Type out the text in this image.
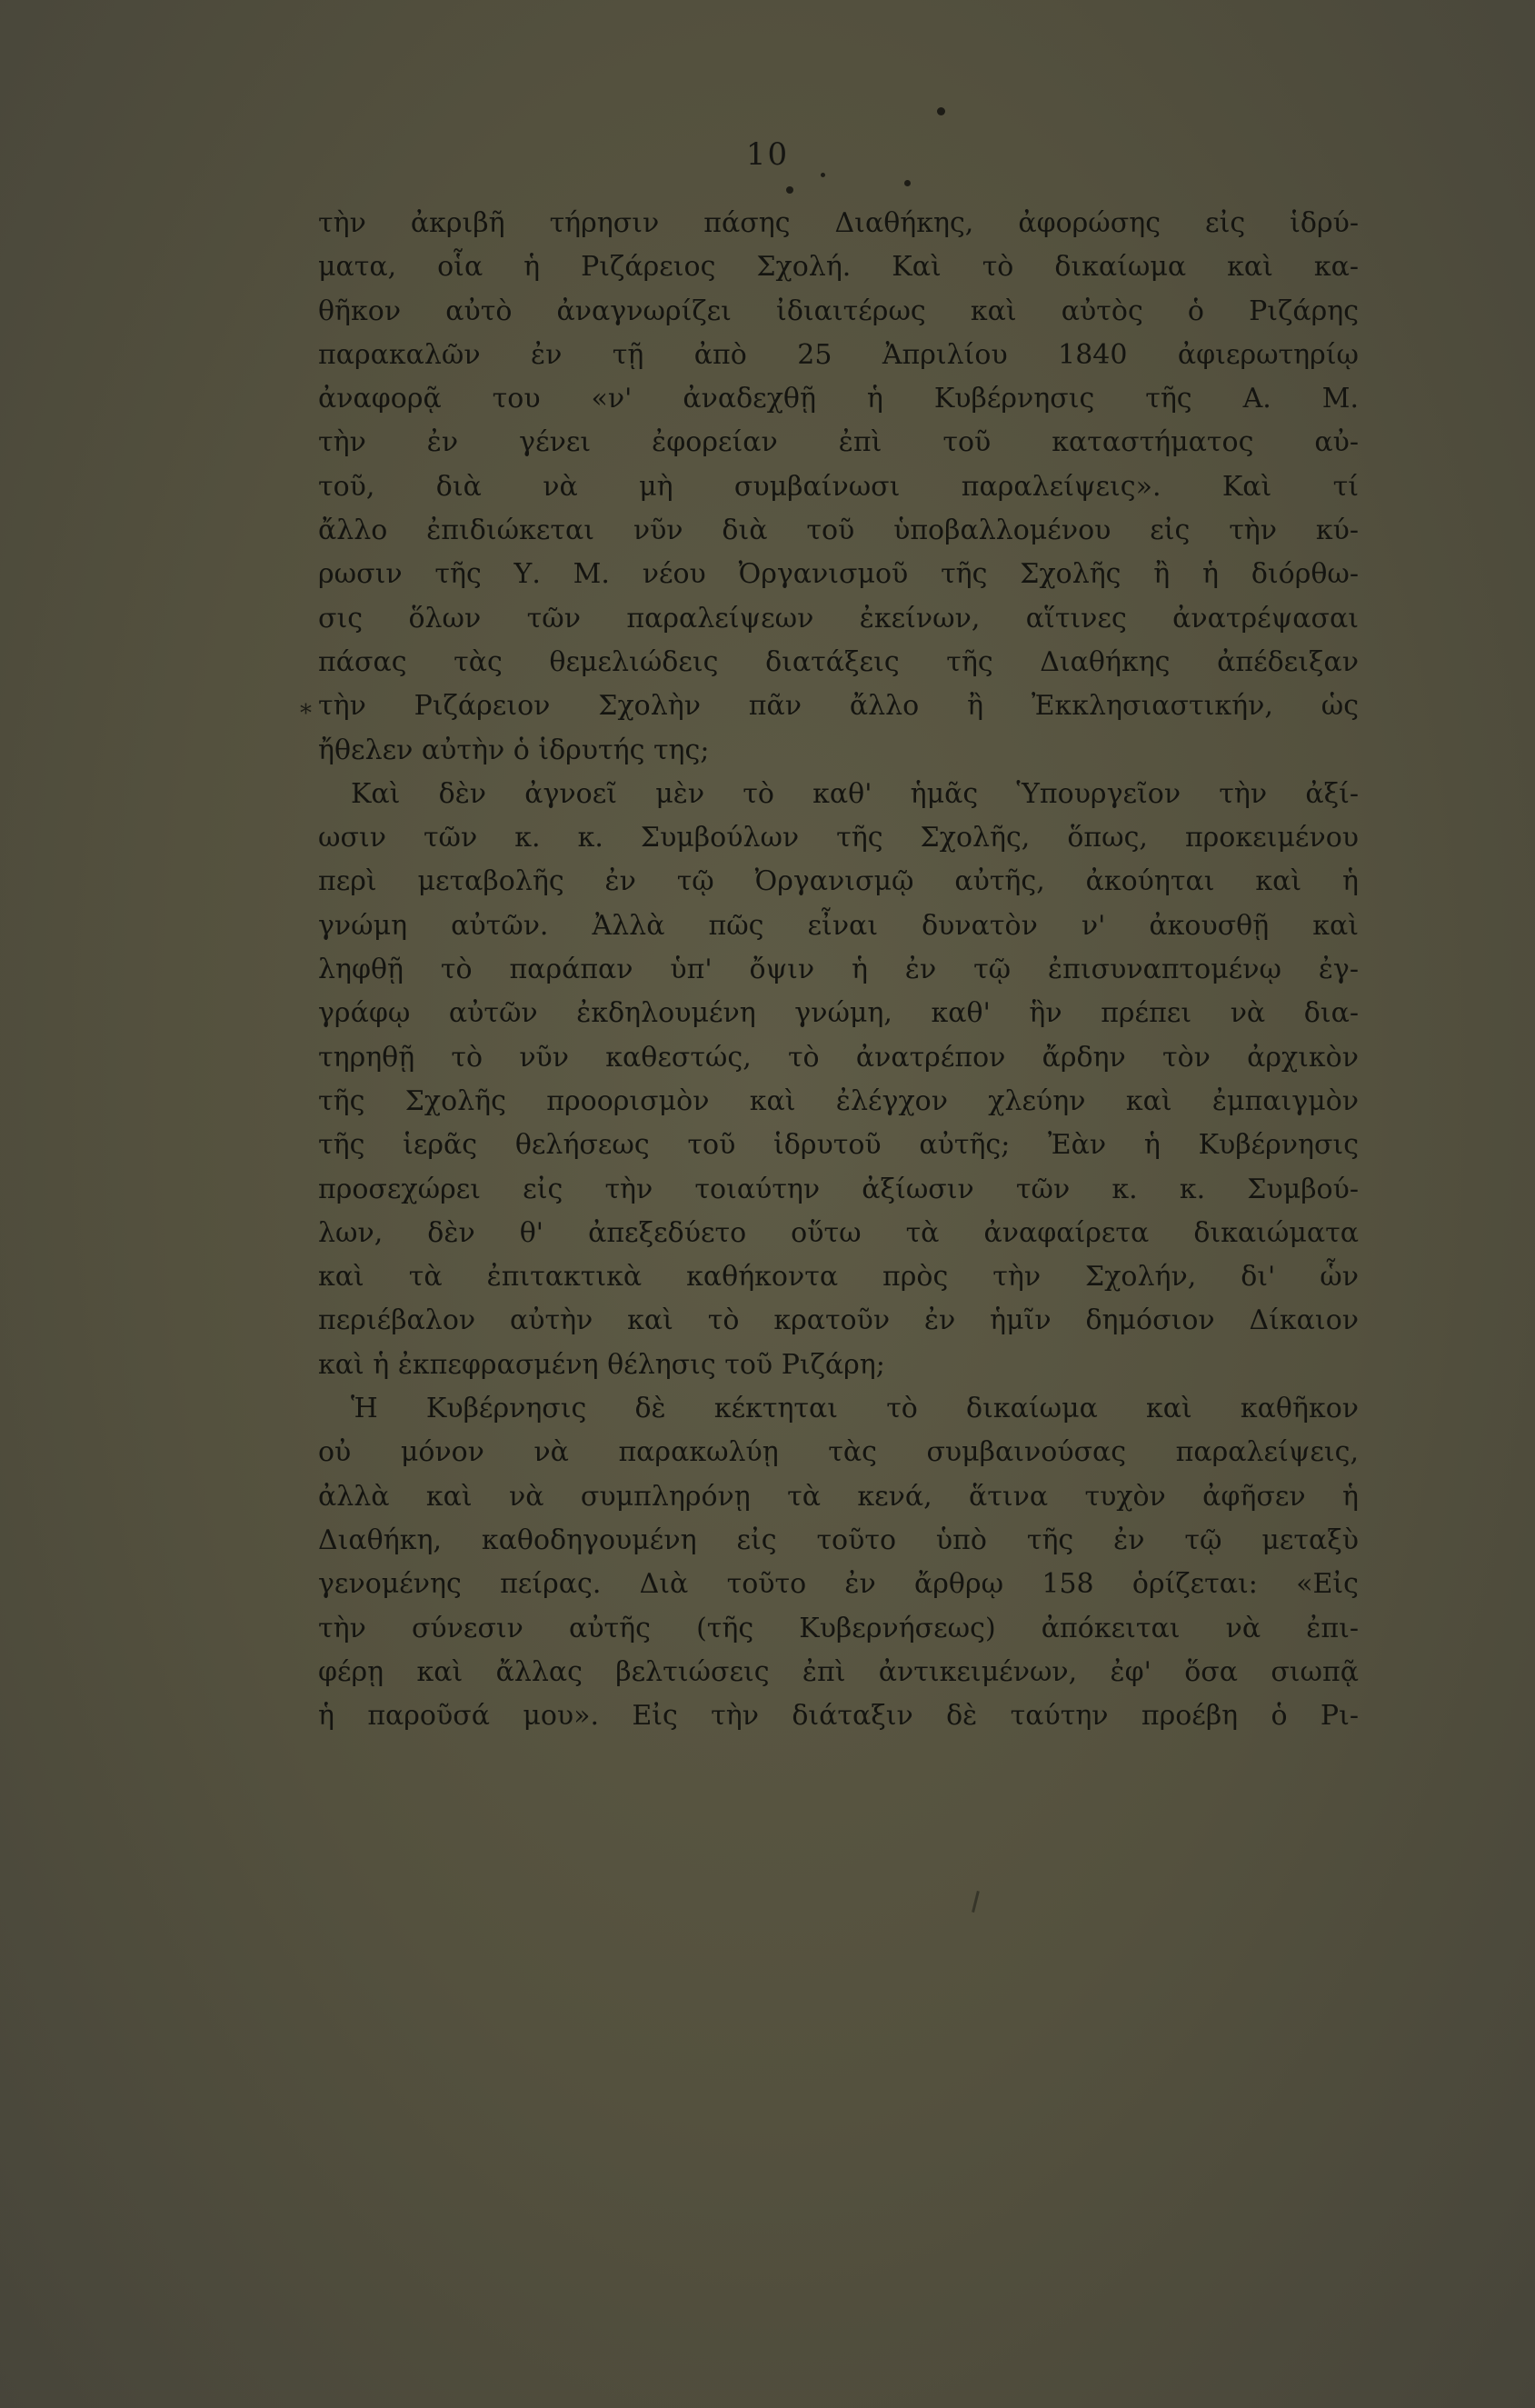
10
*
τὴν ἀκριβῆ τήρησιν πάσης Διαθήκης, ἀφορώσης εἰς ἱδρύ-
ματα, οἷα ἡ Ριζάρειος Σχολή. Καὶ τὸ δικαίωμα καὶ κα-
θῆκον αὐτὸ ἀναγνωρίζει ἰδιαιτέρως καὶ αὐτὸς ὁ Ριζάρης
παρακαλῶν ἐν τῇ ἀπὸ 25 Ἀπριλίου 1840 ἀφιερωτηρίῳ
ἀναφορᾷ του «ν' ἀναδεχθῇ ἡ Κυβέρνησις τῆς Α. Μ.
τὴν ἐν γένει ἐφορείαν ἐπὶ τοῦ καταστήματος αὐ-
τοῦ, διὰ νὰ μὴ συμβαίνωσι παραλείψεις». Καὶ τί
ἄλλο ἐπιδιώκεται νῦν διὰ τοῦ ὑποβαλλομένου εἰς τὴν κύ-
ρωσιν τῆς Υ. Μ. νέου Ὀργανισμοῦ τῆς Σχολῆς ἢ ἡ διόρθω-
σις ὅλων τῶν παραλείψεων ἐκείνων, αἵτινες ἀνατρέψασαι
πάσας τὰς θεμελιώδεις διατάξεις τῆς Διαθήκης ἀπέδειξαν
τὴν Ριζάρειον Σχολὴν πᾶν ἄλλο ἢ Ἐκκλησιαστικήν, ὡς
ἤθελεν αὐτὴν ὁ ἱδρυτής της;
Καὶ δὲν ἀγνοεῖ μὲν τὸ καθ' ἡμᾶς Ὑπουργεῖον τὴν ἀξί-
ωσιν τῶν κ. κ. Συμβούλων τῆς Σχολῆς, ὅπως, προκειμένου
περὶ μεταβολῆς ἐν τῷ Ὀργανισμῷ αὐτῆς, ἀκούηται καὶ ἡ
γνώμη αὐτῶν. Ἀλλὰ πῶς εἶναι δυνατὸν ν' ἀκουσθῇ καὶ
ληφθῇ τὸ παράπαν ὑπ' ὄψιν ἡ ἐν τῷ ἐπισυναπτομένῳ ἐγ-
γράφῳ αὐτῶν ἐκδηλουμένη γνώμη, καθ' ἣν πρέπει νὰ δια-
τηρηθῇ τὸ νῦν καθεστώς, τὸ ἀνατρέπον ἄρδην τὸν ἀρχικὸν
τῆς Σχολῆς προορισμὸν καὶ ἐλέγχον χλεύην καὶ ἐμπαιγμὸν
τῆς ἱερᾶς θελήσεως τοῦ ἱδρυτοῦ αὐτῆς; Ἐὰν ἡ Κυβέρνησις
προσεχώρει εἰς τὴν τοιαύτην ἀξίωσιν τῶν κ. κ. Συμβού-
λων, δὲν θ' ἀπεξεδύετο οὕτω τὰ ἀναφαίρετα δικαιώματα
καὶ τὰ ἐπιτακτικὰ καθήκοντα πρὸς τὴν Σχολήν, δι' ὧν
περιέβαλον αὐτὴν καὶ τὸ κρατοῦν ἐν ἡμῖν δημόσιον Δίκαιον
καὶ ἡ ἐκπεφρασμένη θέλησις τοῦ Ριζάρη;
Ἡ Κυβέρνησις δὲ κέκτηται τὸ δικαίωμα καὶ καθῆκον
οὐ μόνον νὰ παρακωλύῃ τὰς συμβαινούσας παραλείψεις,
ἀλλὰ καὶ νὰ συμπληρόνῃ τὰ κενά, ἅτινα τυχὸν ἀφῆσεν ἡ
Διαθήκη, καθοδηγουμένη εἰς τοῦτο ὑπὸ τῆς ἐν τῷ μεταξὺ
γενομένης πείρας. Διὰ τοῦτο ἐν ἄρθρῳ 158 ὁρίζεται: «Εἰς
τὴν σύνεσιν αὐτῆς (τῆς Κυβερνήσεως) ἀπόκειται νὰ ἐπι-
φέρῃ καὶ ἄλλας βελτιώσεις ἐπὶ ἀντικειμένων, ἐφ' ὅσα σιωπᾷ
ἡ παροῦσά μου». Εἰς τὴν διάταξιν δὲ ταύτην προέβη ὁ Ρι-
